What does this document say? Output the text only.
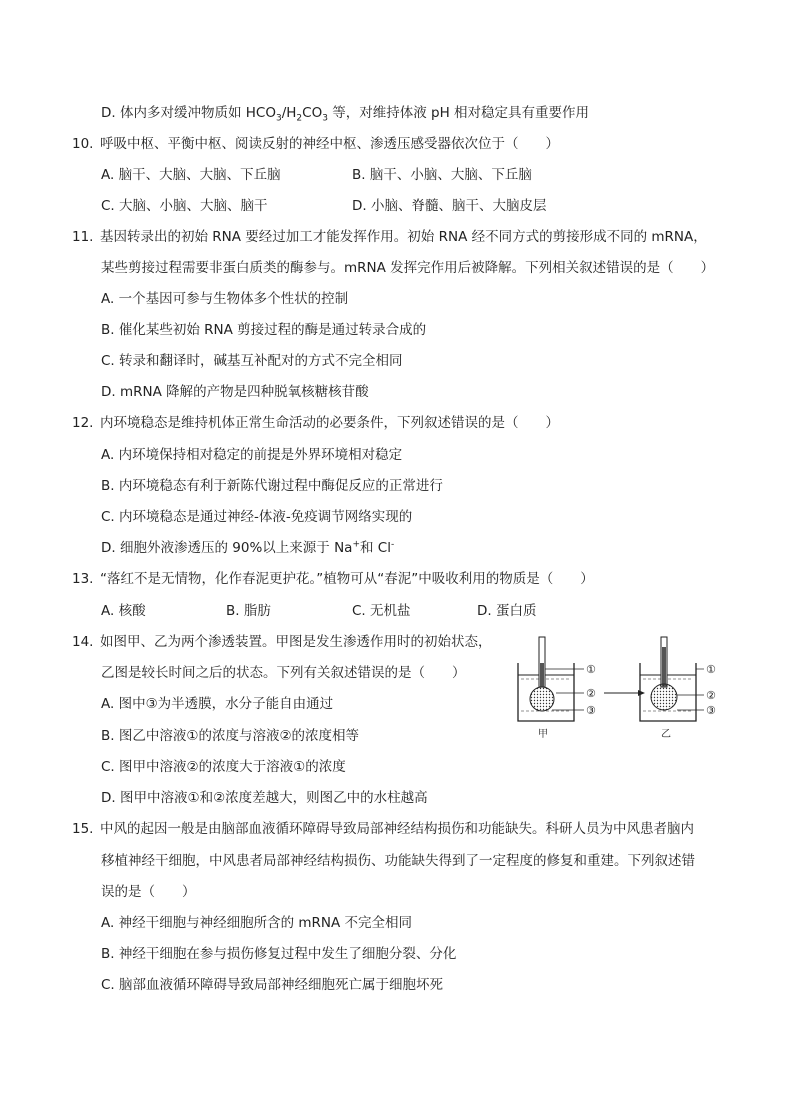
D. 体内多对缓冲物质如 $HCO_3/H_2CO_3$ 等，对维持体液 pH 相对稳定具有重要作用
10. 呼吸中枢、平衡中枢、阅读反射的神经中枢、渗透压感受器依次位于（　　）
A. 脑干、大脑、大脑、下丘脑	B. 脑干、小脑、大脑、下丘脑
C. 大脑、小脑、大脑、脑干	D. 小脑、脊髓、脑干、大脑皮层
11. 基因转录出的初始 RNA 要经过加工才能发挥作用。初始 RNA 经不同方式的剪接形成不同的 mRNA，
某些剪接过程需要非蛋白质类的酶参与。mRNA 发挥完作用后被降解。下列相关叙述错误的是（　　）
A. 一个基因可参与生物体多个性状的控制
B. 催化某些初始 RNA 剪接过程的酶是通过转录合成的
C. 转录和翻译时，碱基互补配对的方式不完全相同
D. mRNA 降解的产物是四种脱氧核糖核苷酸
12. 内环境稳态是维持机体正常生命活动的必要条件，下列叙述错误的是（　　）
A. 内环境保持相对稳定的前提是外界环境相对稳定
B. 内环境稳态有利于新陈代谢过程中酶促反应的正常进行
C. 内环境稳态是通过神经-体液-免疫调节网络实现的
D. 细胞外液渗透压的 90%以上来源于 Na+和 Cl-
13. “落红不是无情物，化作春泥更护花。”植物可从“春泥”中吸收利用的物质是（　　）
A. 核酸	B. 脂肪	C. 无机盐	D. 蛋白质
14. 如图甲、乙为两个渗透装置。甲图是发生渗透作用时的初始状态，
乙图是较长时间之后的状态。下列有关叙述错误的是（　　）
A. 图中③为半透膜，水分子能自由通过
B. 图乙中溶液①的浓度与溶液②的浓度相等
C. 图甲中溶液②的浓度大于溶液①的浓度
D. 图甲中溶液①和②浓度差越大，则图乙中的水柱越高
①
②
③
①
②
③
甲	乙
15. 中风的起因一般是由脑部血液循环障碍导致局部神经结构损伤和功能缺失。科研人员为中风患者脑内
移植神经干细胞，中风患者局部神经结构损伤、功能缺失得到了一定程度的修复和重建。下列叙述错
误的是（　　）
A. 神经干细胞与神经细胞所含的 mRNA 不完全相同
B. 神经干细胞在参与损伤修复过程中发生了细胞分裂、分化
C. 脑部血液循环障碍导致局部神经细胞死亡属于细胞坏死
